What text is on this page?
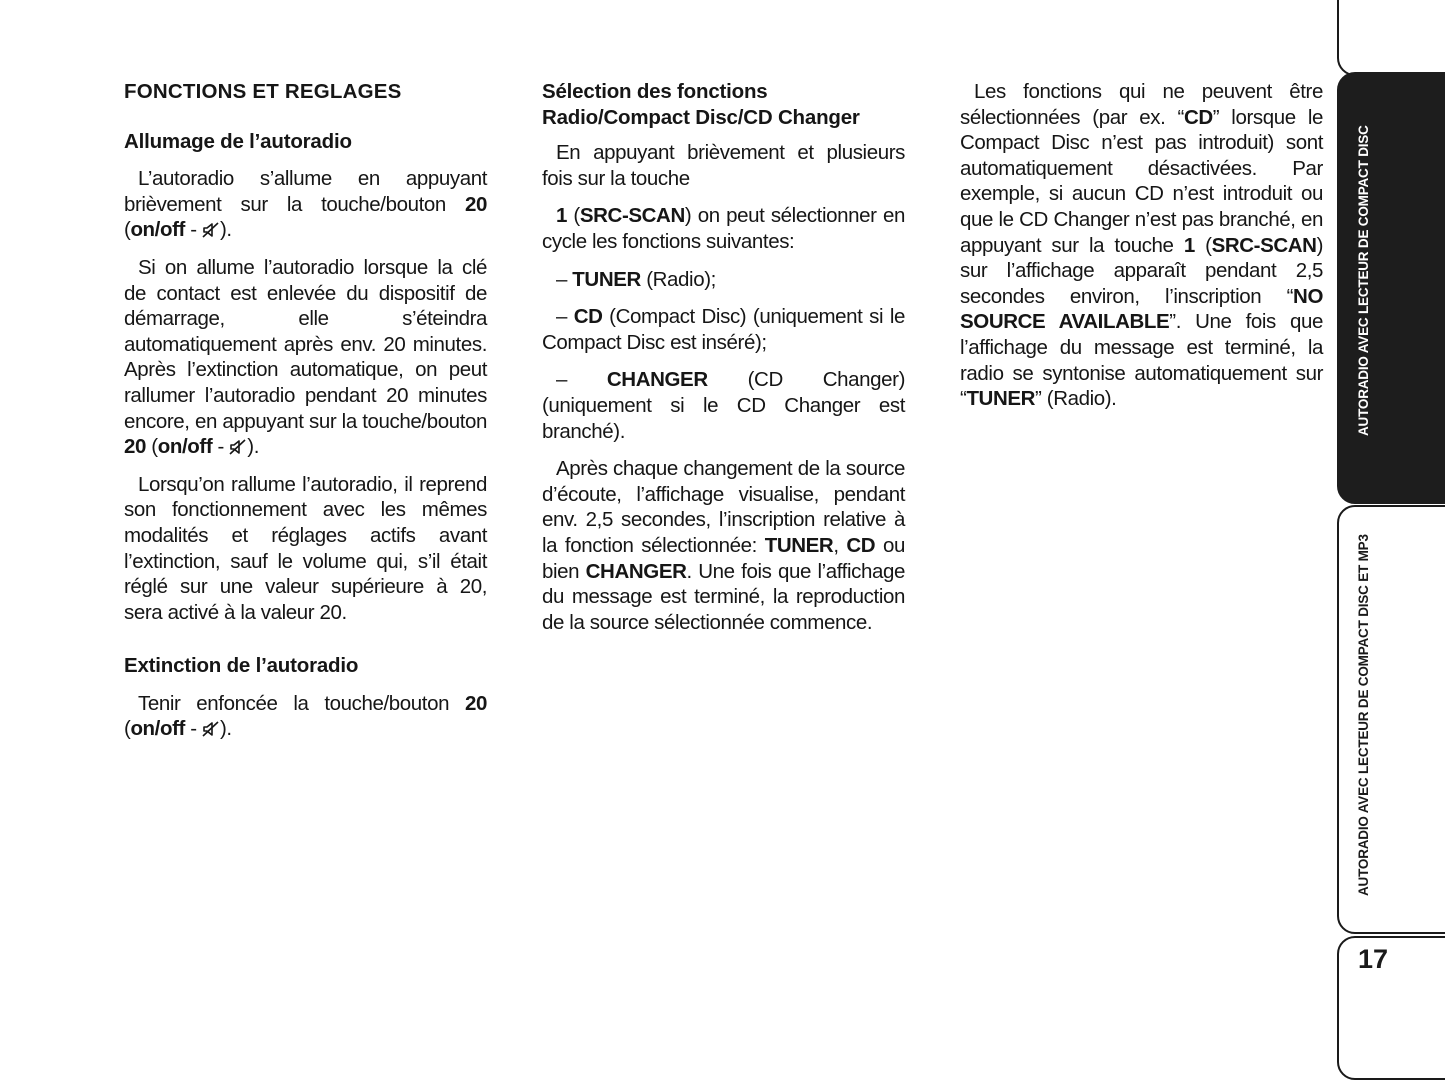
FONCTIONS ET REGLAGES
Allumage de l’autoradio

L’autoradio s’allume en appuyant brièvement sur la touche/bouton 20 (on/off - ).

Si on allume l’autoradio lorsque la clé de contact est enlevée du dispositif de démarrage, elle s’éteindra automatiquement après env. 20 minutes. Après l’extinction automatique, on peut rallumer l’autoradio pendant 20 minutes encore, en appuyant sur la touche/bouton 20 (on/off - ).

Lorsqu’on rallume l’autoradio, il reprend son fonctionnement avec les mêmes modalités et réglages actifs avant l’extinction, sauf le volume qui, s’il était réglé sur une valeur supérieure à 20, sera activé à la valeur 20.

Extinction de l’autoradio

Tenir enfoncée la touche/bouton 20 (on/off - ).

Sélection des fonctions
Radio/Compact Disc/CD Changer

En appuyant brièvement et plusieurs fois sur la touche

1 (SRC-SCAN) on peut sélectionner en cycle les fonctions suivantes:

– TUNER (Radio);

– CD (Compact Disc) (uniquement si le Compact Disc est inséré);

– CHANGER (CD Changer) (uniquement si le CD Changer est branché).

Après chaque changement de la source d’écoute, l’affichage visualise, pendant env. 2,5 secondes, l’inscription relative à la fonction sélectionnée: TUNER, CD ou bien CHANGER. Une fois que l’affichage du message est terminé, la reproduction de la source sélectionnée commence.

Les fonctions qui ne peuvent être sélectionnées (par ex. “CD” lorsque le Compact Disc n’est pas introduit) sont automatiquement désactivées. Par exemple, si aucun CD n’est introduit ou que le CD Changer n’est pas branché, en appuyant sur la touche 1 (SRC-SCAN) sur l’affichage apparaît pendant 2,5 secondes environ, l’inscription “NO SOURCE AVAILABLE”. Une fois que l’affichage du message est terminé, la radio se syntonise automatiquement sur “TUNER” (Radio).	AUTORADIO AVEC LECTEUR DE COMPACT DISC
AUTORADIO AVEC LECTEUR DE COMPACT DISC ET MP3
17
